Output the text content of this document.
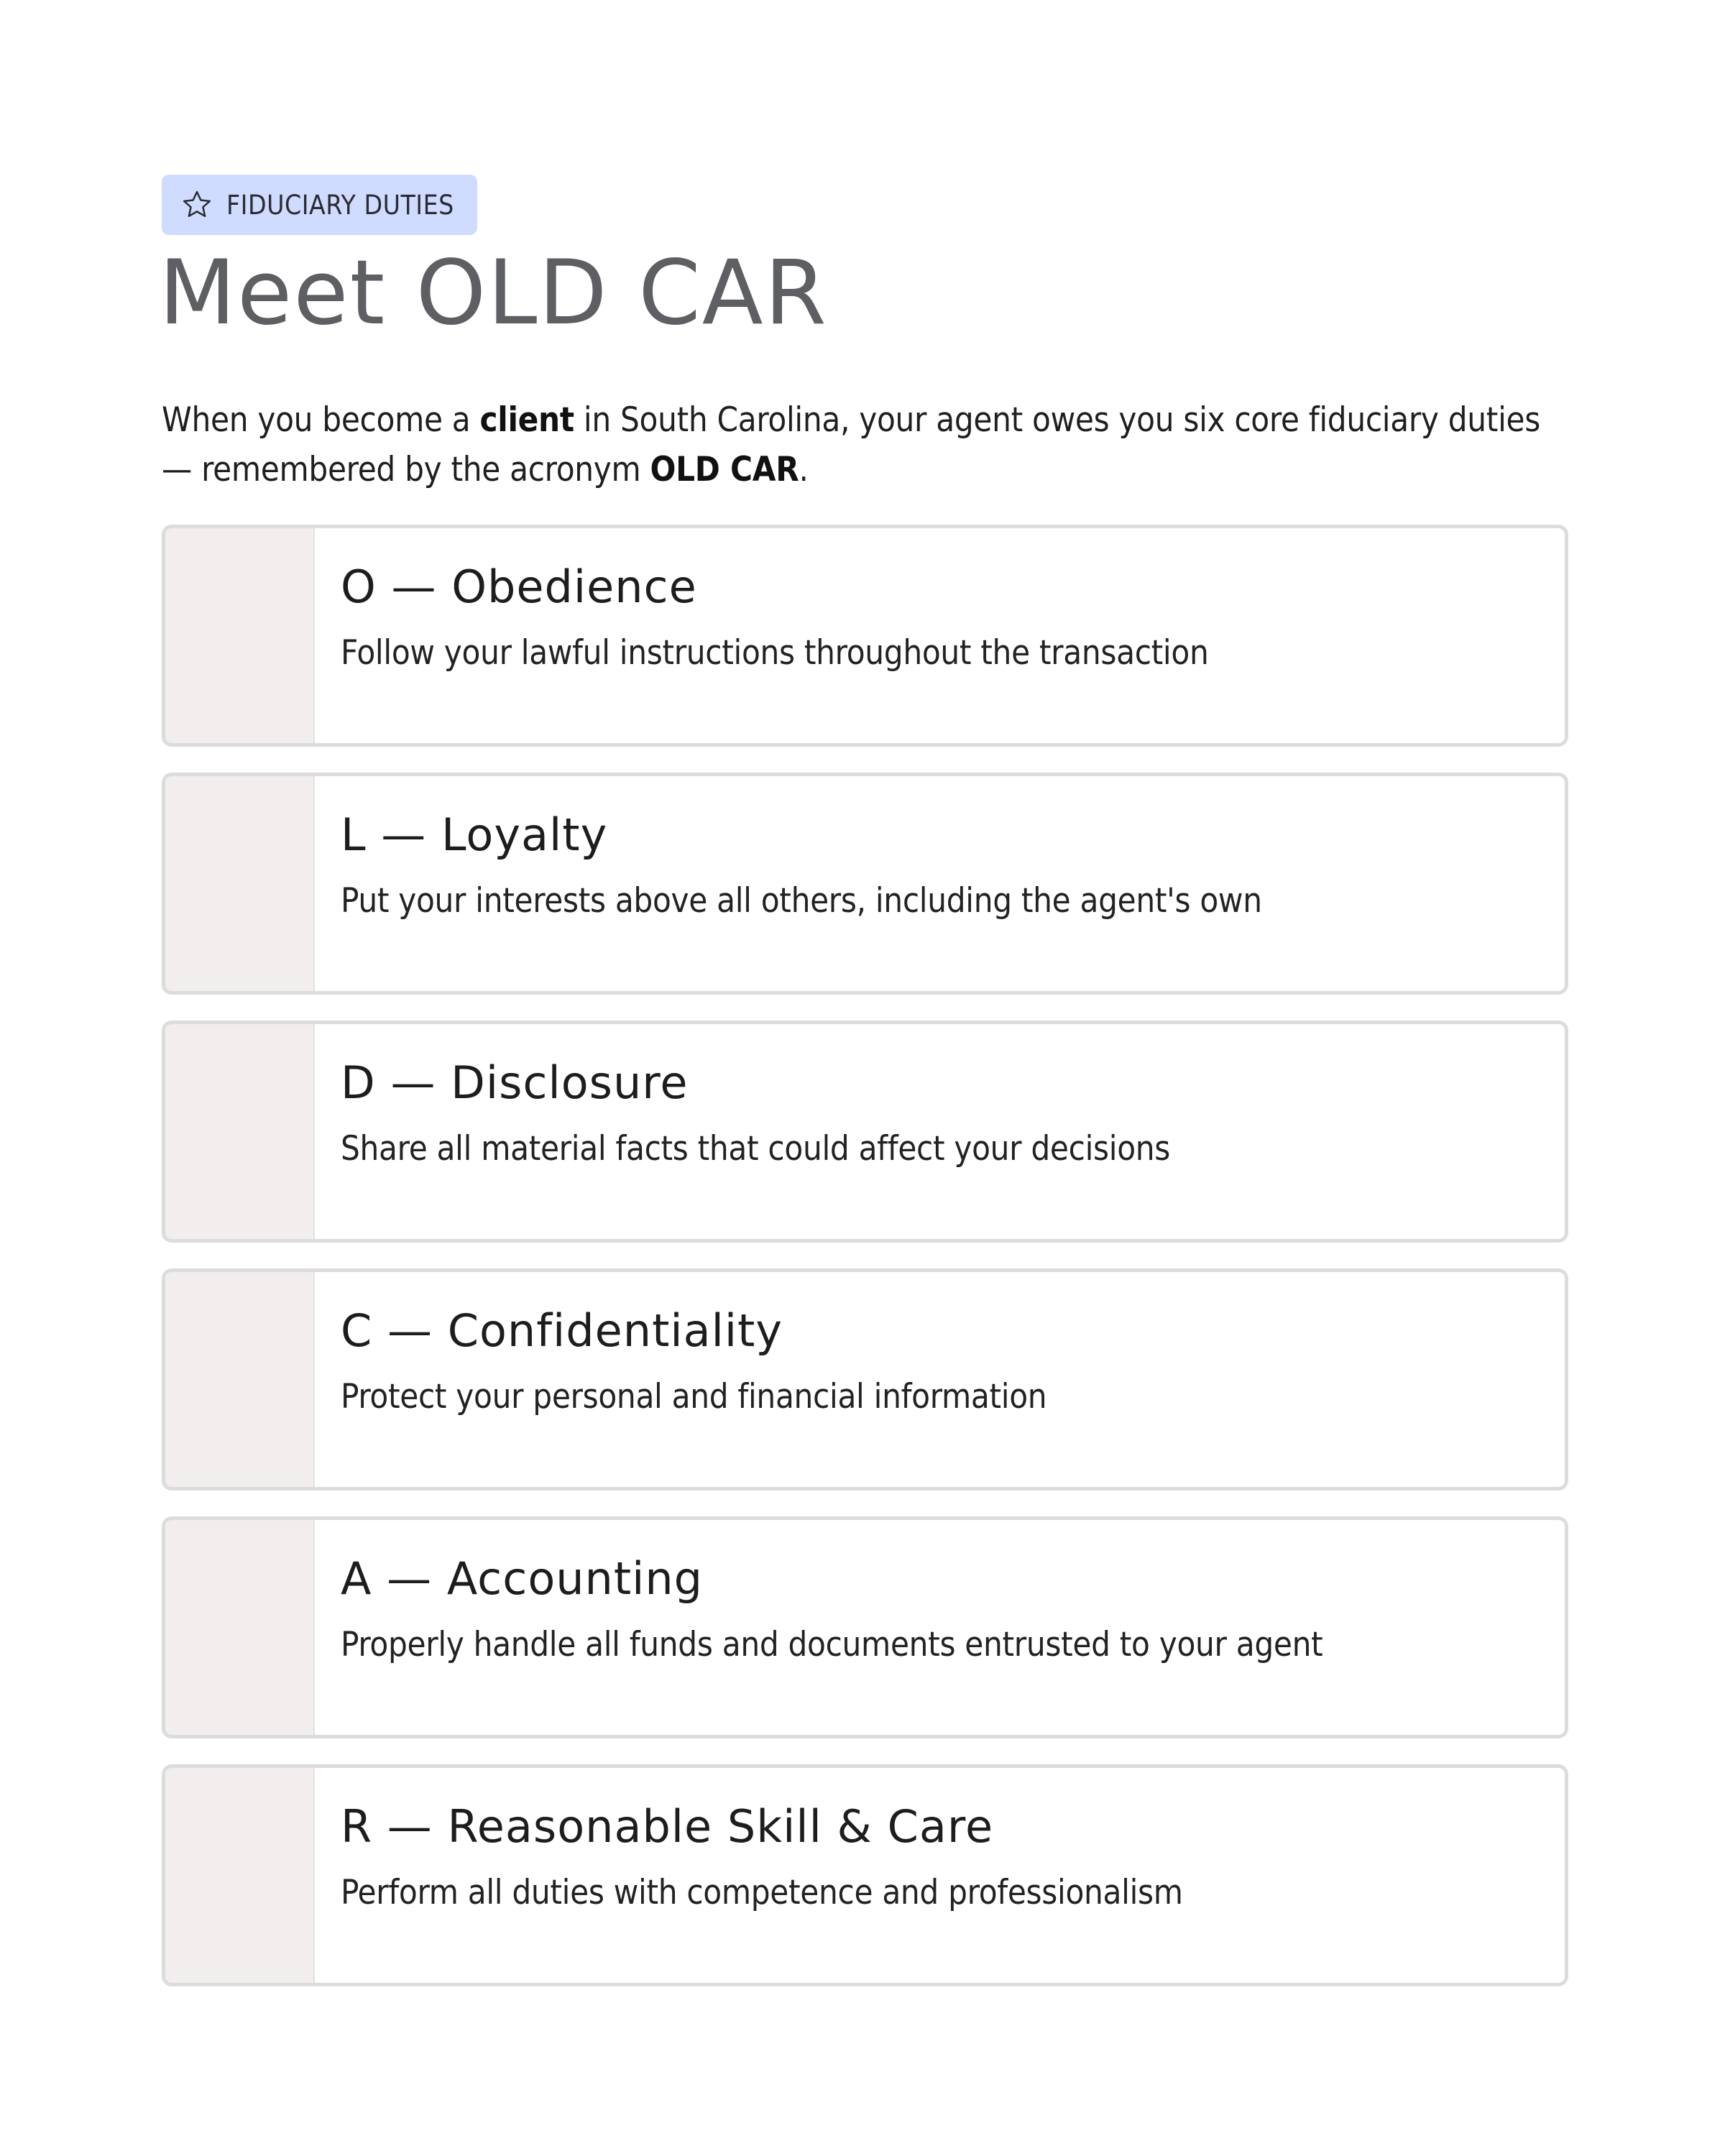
FIDUCIARY DUTIES
Meet OLD CAR

When you become a client in South Carolina, your agent owes you six core fiduciary duties — remembered by the acronym OLD CAR.

O — Obedience
Follow your lawful instructions throughout the transaction
L — Loyalty
Put your interests above all others, including the agent's own
D — Disclosure
Share all material facts that could affect your decisions
C — Confidentiality
Protect your personal and financial information
A — Accounting
Properly handle all funds and documents entrusted to your agent
R — Reasonable Skill & Care
Perform all duties with competence and professionalism
